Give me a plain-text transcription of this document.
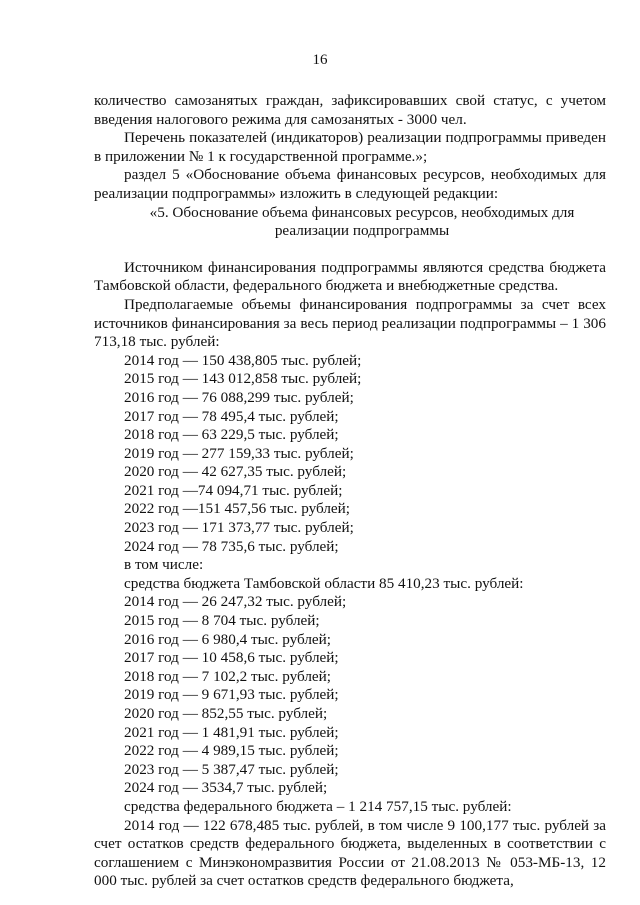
16

количество самозанятых граждан, зафиксировавших свой статус, с учетом введения налогового режима для самозанятых - 3000 чел.

Перечень показателей (индикаторов) реализации подпрограммы приведен в приложении № 1 к государственной программе.»;

раздел 5 «Обоснование объема финансовых ресурсов, необходимых для реализации подпрограммы» изложить в следующей редакции:

«5. Обоснование объема финансовых ресурсов, необходимых для реализации подпрограммы

Источником финансирования подпрограммы являются средства бюджета Тамбовской области, федерального бюджета и внебюджетные средства.

Предполагаемые объемы финансирования подпрограммы за счет всех источников финансирования за весь период реализации подпрограммы – 1 306 713,18 тыс. рублей:

2014 год — 150 438,805 тыс. рублей;

2015 год — 143 012,858 тыс. рублей;

2016 год — 76 088,299 тыс. рублей;

2017 год — 78 495,4 тыс. рублей;

2018 год — 63 229,5 тыс. рублей;

2019 год — 277 159,33 тыс. рублей;

2020 год — 42 627,35 тыс. рублей;

2021 год —74 094,71 тыс. рублей;

2022 год —151 457,56 тыс. рублей;

2023 год — 171 373,77 тыс. рублей;

2024 год — 78 735,6 тыс. рублей;

в том числе:

средства бюджета Тамбовской области 85 410,23 тыс. рублей:

2014 год — 26 247,32 тыс. рублей;

2015 год — 8 704 тыс. рублей;

2016 год — 6 980,4 тыс. рублей;

2017 год — 10 458,6 тыс. рублей;

2018 год — 7 102,2 тыс. рублей;

2019 год — 9 671,93 тыс. рублей;

2020 год — 852,55 тыс. рублей;

2021 год — 1 481,91 тыс. рублей;

2022 год — 4 989,15 тыс. рублей;

2023 год — 5 387,47 тыс. рублей;

2024 год — 3534,7 тыс. рублей;

средства федерального бюджета – 1 214 757,15 тыс. рублей:

2014 год — 122 678,485 тыс. рублей, в том числе 9 100,177 тыс. рублей за счет остатков средств федерального бюджета, выделенных в соответствии с соглашением с Минэкономразвития России от 21.08.2013 № 053-МБ-13, 12 000 тыс. рублей за счет остатков средств федерального бюджета,
